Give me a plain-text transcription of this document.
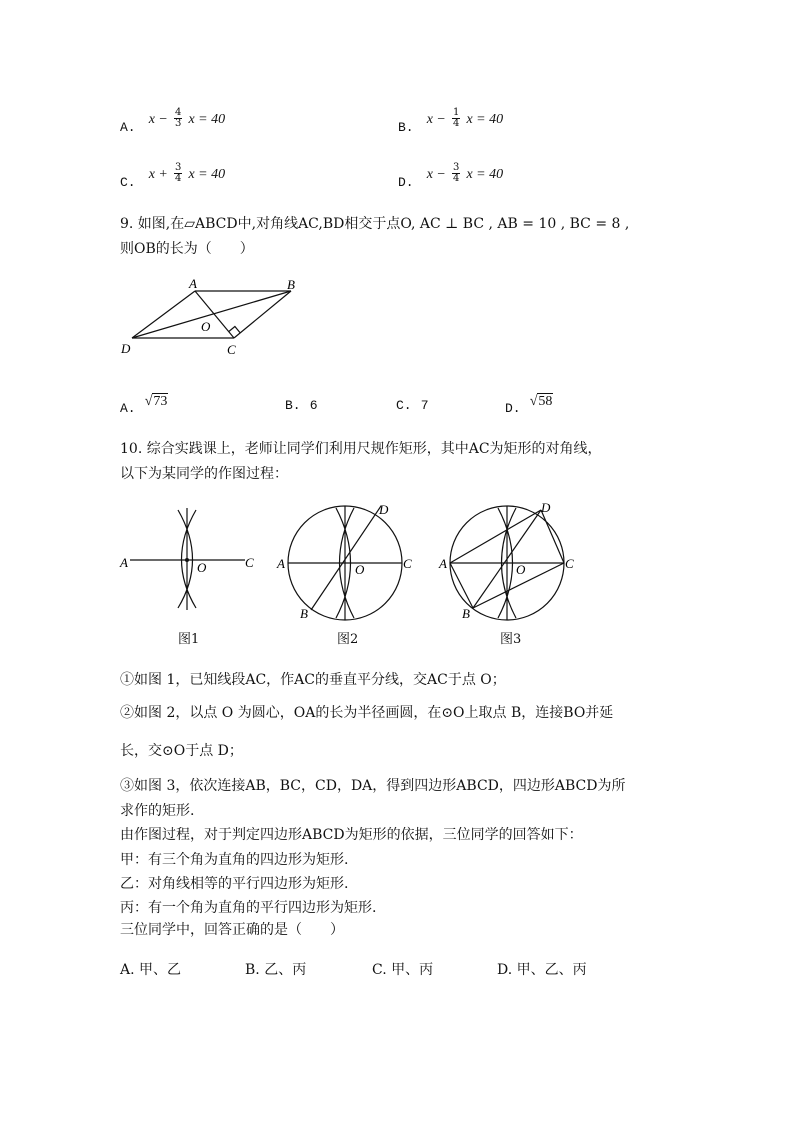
$_{A.}$ $x - \frac{4}{3}$ x = 40
$_{B.}$ $x - \frac{1}{4}$ x = 40
$_{C.}$ $x + \frac{3}{4}$ x = 40
$_{D.}$ $x - \frac{3}{4}$ x = 40
9. 如图,在▱ABCD中,对角线AC,BD相交于点O, AC ⊥ BC , AB = 10 , BC = 8 ,
则OB的长为（　　）
A	B
C
D
O
$_{A.}$ √73	B. 6	C. 7	$_{D.}$ √58
10. 综合实践课上，老师让同学们利用尺规作矩形，其中AC为矩形的对角线，
以下为某同学的作图过程：
A	C
O
图1
A	C
O
B
D
图2
A	C
O
B
D
图3
①如图 1，已知线段AC，作AC的垂直平分线，交AC于点 O；
②如图 2，以点 O 为圆心，OA的长为半径画圆，在⊙O上取点 B，连接BO并延
长，交⊙O于点 D；
③如图 3，依次连接AB，BC，CD，DA，得到四边形ABCD，四边形ABCD为所
求作的矩形.
由作图过程，对于判定四边形ABCD为矩形的依据，三位同学的回答如下：
甲：有三个角为直角的四边形为矩形.
乙：对角线相等的平行四边形为矩形.
丙：有一个角为直角的平行四边形为矩形.
三位同学中，回答正确的是（　　）
A. 甲、乙	B. 乙、丙	C. 甲、丙	D. 甲、乙、丙
